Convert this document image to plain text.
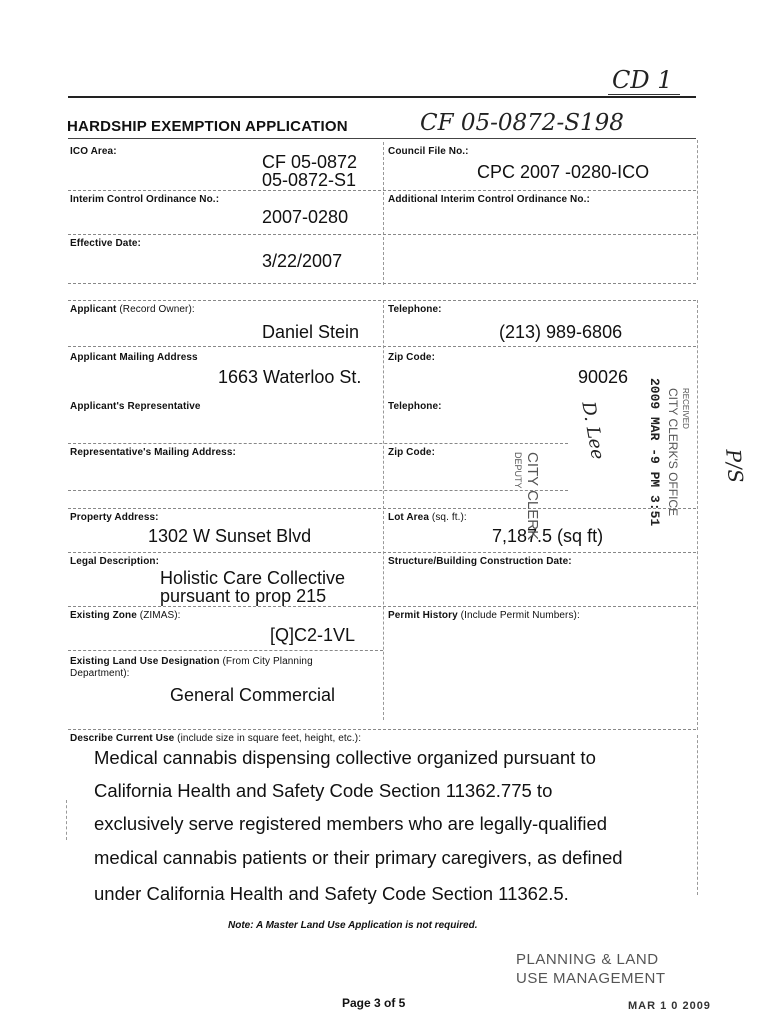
CD 1
HARDSHIP EXEMPTION APPLICATION	CF 05-0872-S198
ICO Area:
CF 05-0872
05-0872-S1
Council File No.:
CPC 2007 -0280-ICO
Interim Control Ordinance No.:
2007-0280
Additional Interim Control Ordinance No.:
Effective Date:
3/22/2007
Applicant (Record Owner):
Daniel Stein
Telephone:
(213) 989-6806
Applicant Mailing Address
1663 Waterloo St.
Zip Code:
90026
Applicant's Representative	Telephone:
Representative's Mailing Address:	Zip Code:
Property Address:
1302 W Sunset Blvd
Lot Area (sq. ft.):
7,187.5 (sq ft)
Legal Description:
Holistic Care Collective
pursuant to prop 215
Structure/Building Construction Date:
Existing Zone (ZIMAS):
[Q]C2-1VL
Permit History (Include Permit Numbers):
Existing Land Use Designation (From City Planning
Department):
General Commercial
Describe Current Use (include size in square feet, height, etc.):
Medical cannabis dispensing collective organized pursuant to
California Health and Safety Code Section 11362.775 to
exclusively serve registered members who are legally-qualified
medical cannabis patients or their primary caregivers, as defined
under California Health and Safety Code Section 11362.5.
Note: A Master Land Use Application is not required.
Page 3 of 5
PLANNING & LAND
USE MANAGEMENT
MAR 1 0 2009
CITY CLERK
DEPUTY	2009 MAR -9 PM 3:51 RECEIVED
CITY CLERK'S OFFICE
D. Lee
P/S
